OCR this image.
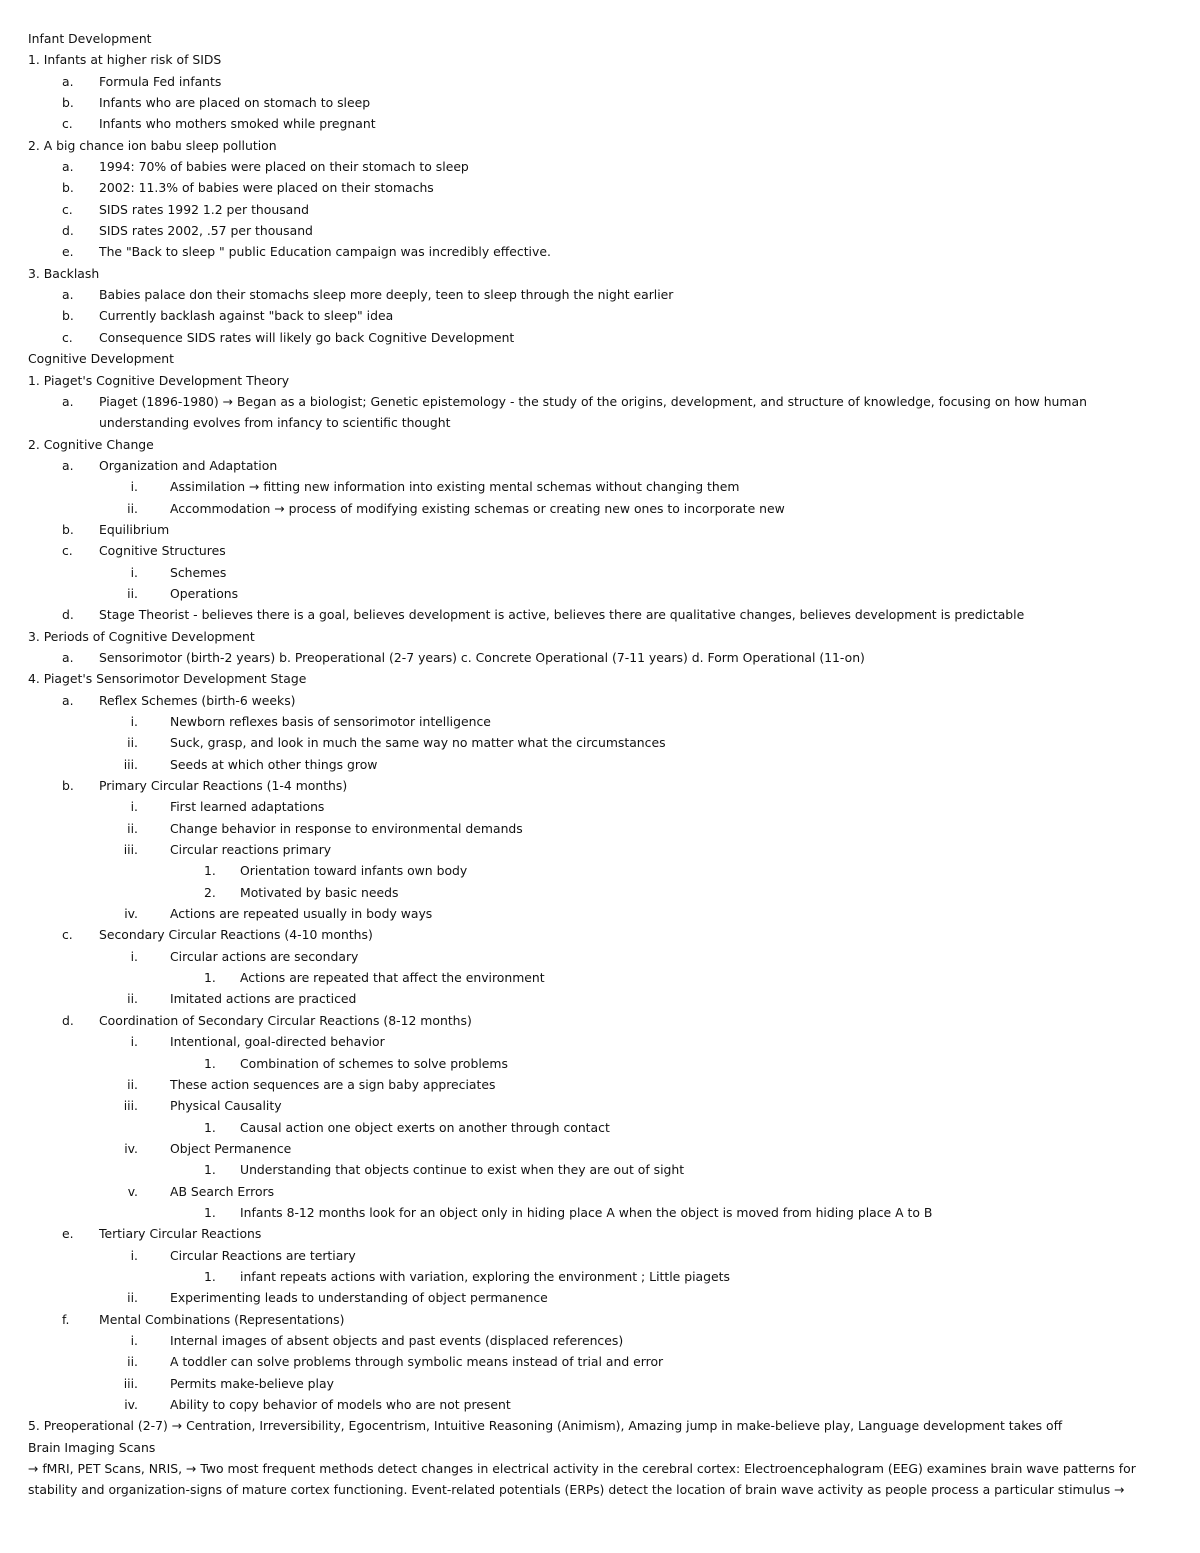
Infant Development
1. Infants at higher risk of SIDS
a.	Formula Fed infants
b.	Infants who are placed on stomach to sleep
c.	Infants who mothers smoked while pregnant
2. A big chance ion babu sleep pollution
a.	1994: 70% of babies were placed on their stomach to sleep
b.	2002: 11.3% of babies were placed on their stomachs
c.	SIDS rates 1992 1.2 per thousand
d.	SIDS rates 2002, .57 per thousand
e.	The "Back to sleep " public Education campaign was incredibly effective.
3. Backlash
a.	Babies palace don their stomachs sleep more deeply, teen to sleep through the night earlier
b.	Currently backlash against "back to sleep" idea
c.	Consequence SIDS rates will likely go back Cognitive Development
Cognitive Development
1. Piaget's Cognitive Development Theory
a.	Piaget (1896-1980) → Began as a biologist; Genetic epistemology - the study of the origins, development, and structure of knowledge, focusing on how human understanding evolves from infancy to scientific thought
2. Cognitive Change
a.	Organization and Adaptation
i.	Assimilation → fitting new information into existing mental schemas without changing them
ii.	Accommodation → process of modifying existing schemas or creating new ones to incorporate new
b.	Equilibrium
c.	Cognitive Structures
i.	Schemes
ii.	Operations
d.	Stage Theorist - believes there is a goal, believes development is active, believes there are qualitative changes, believes development is predictable
3. Periods of Cognitive Development
a.	Sensorimotor (birth-2 years) b. Preoperational (2-7 years) c. Concrete Operational (7-11 years) d. Form Operational (11-on)
4. Piaget's Sensorimotor Development Stage
a.	Reflex Schemes (birth-6 weeks)
i.	Newborn reflexes basis of sensorimotor intelligence
ii.	Suck, grasp, and look in much the same way no matter what the circumstances
iii.	Seeds at which other things grow
b.	Primary Circular Reactions (1-4 months)
i.	First learned adaptations
ii.	Change behavior in response to environmental demands
iii.	Circular reactions primary
1.	Orientation toward infants own body
2.	Motivated by basic needs
iv.	Actions are repeated usually in body ways
c.	Secondary Circular Reactions (4-10 months)
i.	Circular actions are secondary
1.	Actions are repeated that affect the environment
ii.	Imitated actions are practiced
d.	Coordination of Secondary Circular Reactions (8-12 months)
i.	Intentional, goal-directed behavior
1.	Combination of schemes to solve problems
ii.	These action sequences are a sign baby appreciates
iii.	Physical Causality
1.	Causal action one object exerts on another through contact
iv.	Object Permanence
1.	Understanding that objects continue to exist when they are out of sight
v.	AB Search Errors
1.	Infants 8-12 months look for an object only in hiding place A when the object is moved from hiding place A to B
e.	Tertiary Circular Reactions
i.	Circular Reactions are tertiary
1.	infant repeats actions with variation, exploring the environment ; Little piagets
ii.	Experimenting leads to understanding of object permanence
f.	Mental Combinations (Representations)
i.	Internal images of absent objects and past events (displaced references)
ii.	A toddler can solve problems through symbolic means instead of trial and error
iii.	Permits make-believe play
iv.	Ability to copy behavior of models who are not present
5. Preoperational (2-7) → Centration, Irreversibility, Egocentrism, Intuitive Reasoning (Animism), Amazing jump in make-believe play, Language development takes off
Brain Imaging Scans
→ fMRI, PET Scans, NRIS, → Two most frequent methods detect changes in electrical activity in the cerebral cortex: Electroencephalogram (EEG) examines brain wave patterns for stability and organization-signs of mature cortex functioning. Event-related potentials (ERPs) detect the location of brain wave activity as people process a particular stimulus →
